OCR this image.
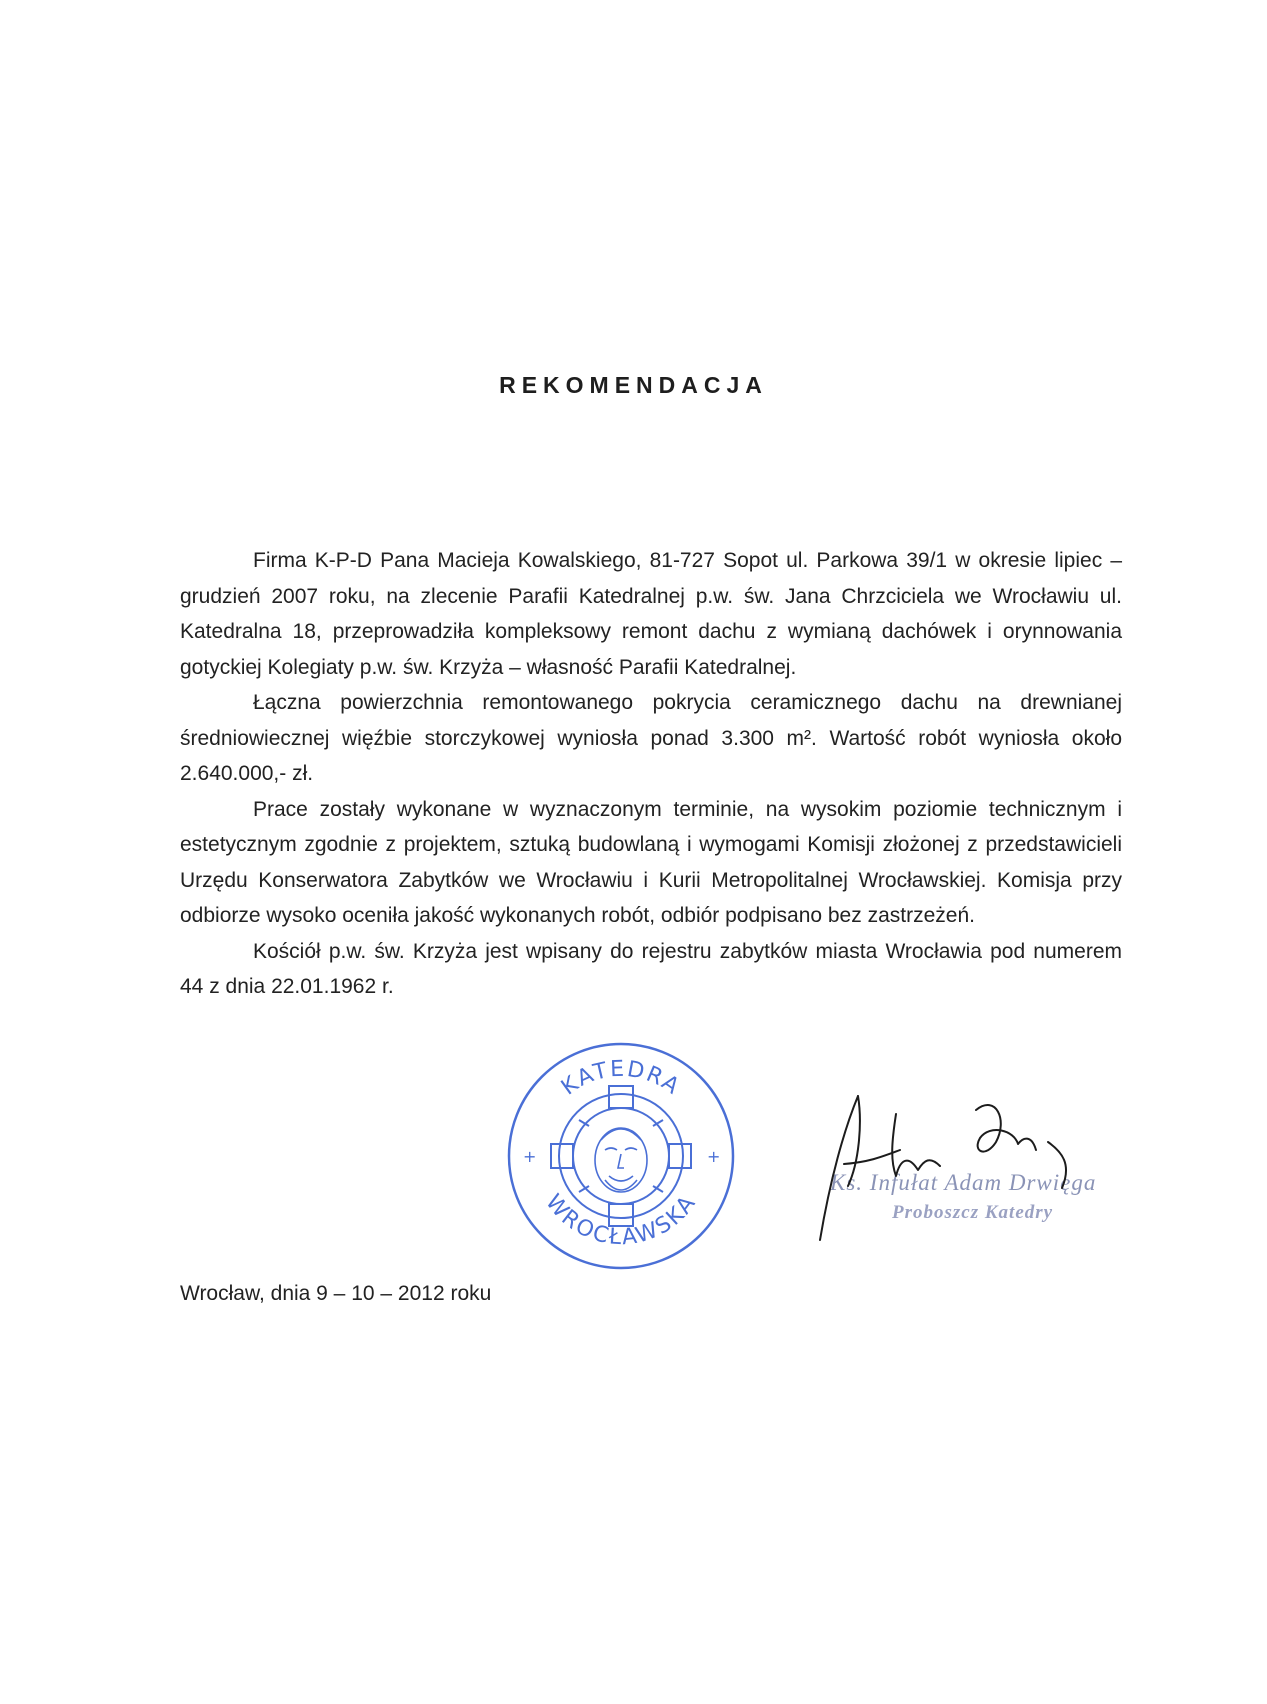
REKOMENDACJA

Firma K-P-D Pana Macieja Kowalskiego, 81-727 Sopot ul. Parkowa 39/1 w okresie lipiec – grudzień 2007 roku, na zlecenie Parafii Katedralnej p.w. św. Jana Chrzciciela we Wrocławiu ul. Katedralna 18, przeprowadziła kompleksowy remont dachu z wymianą dachówek i orynnowania gotyckiej Kolegiaty p.w. św. Krzyża – własność Parafii Katedralnej.

Łączna powierzchnia remontowanego pokrycia ceramicznego dachu na drewnianej średniowiecznej więźbie storczykowej wyniosła ponad 3.300 m². Wartość robót wyniosła około 2.640.000,- zł.

Prace zostały wykonane w wyznaczonym terminie, na wysokim poziomie technicznym i estetycznym zgodnie z projektem, sztuką budowlaną i wymogami Komisji złożonej z przedstawicieli Urzędu Konserwatora Zabytków we Wrocławiu i Kurii Metropolitalnej Wrocławskiej. Komisja przy odbiorze wysoko oceniła jakość wykonanych robót, odbiór podpisano bez zastrzeżeń.

Kościół p.w. św. Krzyża jest wpisany do rejestru zabytków miasta Wrocławia pod numerem 44 z dnia 22.01.1962 r.

KATEDRA
WROCŁAWSKA
+	+
Ks. Infułat Adam Drwięga
Proboszcz Katedry
Wrocław, dnia 9 – 10 – 2012 roku
